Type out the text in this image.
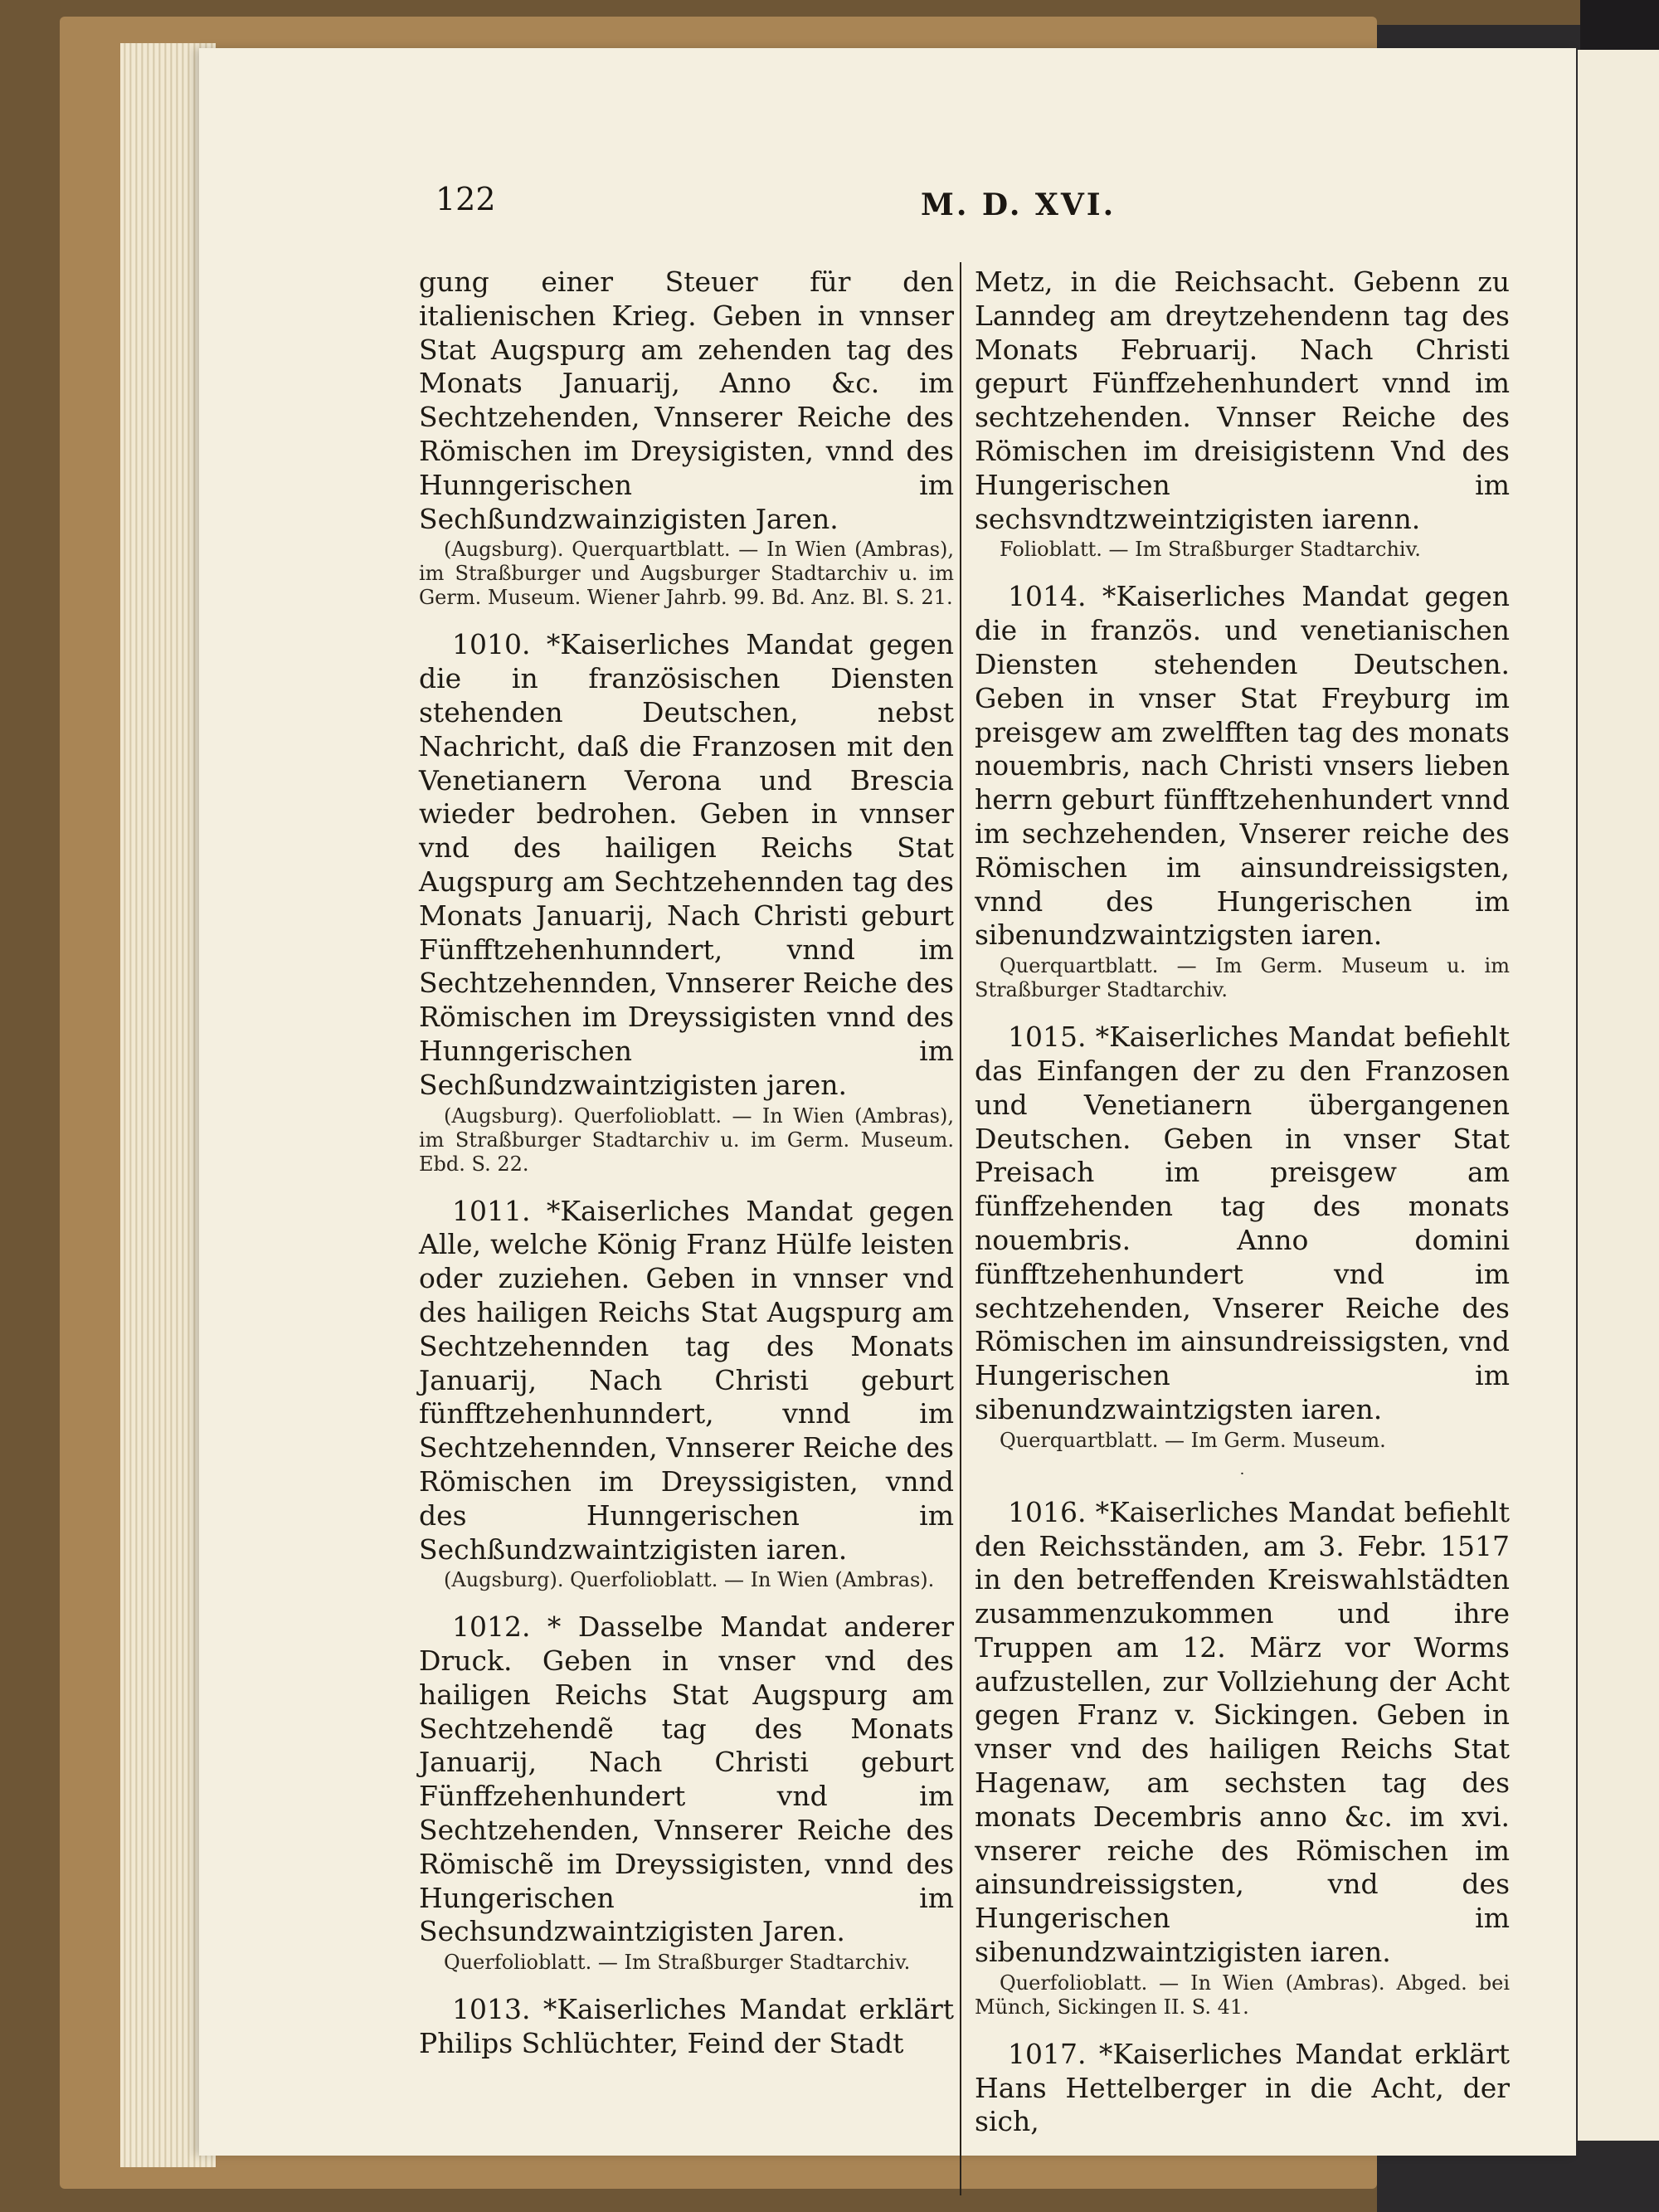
122	M. D. XVI.

gung einer Steuer für den italienischen Krieg. Geben in vnnser Stat Augspurg am zehenden tag des Monats Januarij, Anno &c. im Sechtzehenden, Vnnserer Reiche des Römischen im Dreysigisten, vnnd des Hunngerischen im Sechßundzwainzigisten Jaren.

(Augsburg). Querquartblatt. — In Wien (Ambras), im Straßburger und Augsburger Stadtarchiv u. im Germ. Museum. Wiener Jahrb. 99. Bd. Anz. Bl. S. 21.

1010. *Kaiserliches Mandat gegen die in französischen Diensten stehenden Deutschen, nebst Nachricht, daß die Franzosen mit den Venetianern Verona und Brescia wieder bedrohen. Geben in vnnser vnd des hailigen Reichs Stat Augspurg am Sechtzehennden tag des Monats Januarij, Nach Christi geburt Fünfftzehenhunndert, vnnd im Sechtzehennden, Vnnserer Reiche des Römischen im Dreyssigisten vnnd des Hunngerischen im Sechßundzwaintzigisten jaren.

(Augsburg). Querfolioblatt. — In Wien (Ambras), im Straßburger Stadtarchiv u. im Germ. Museum. Ebd. S. 22.

1011. *Kaiserliches Mandat gegen Alle, welche König Franz Hülfe leisten oder zuziehen. Geben in vnnser vnd des hailigen Reichs Stat Augspurg am Sechtzehennden tag des Monats Januarij, Nach Christi geburt fünfftzehenhunndert, vnnd im Sechtzehennden, Vnnserer Reiche des Römischen im Dreyssigisten, vnnd des Hunngerischen im Sechßundzwaintzigisten iaren.

(Augsburg). Querfolioblatt. — In Wien (Ambras).

1012. * Dasselbe Mandat anderer Druck. Geben in vnser vnd des hailigen Reichs Stat Augspurg am Sechtzehendẽ tag des Monats Januarij, Nach Christi geburt Fünffzehenhundert vnd im Sechtzehenden, Vnnserer Reiche des Römischẽ im Dreyssigisten, vnnd des Hungerischen im Sechsundzwaintzigisten Jaren.

Querfolioblatt. — Im Straßburger Stadtarchiv.

1013. *Kaiserliches Mandat erklärt Philips Schlüchter, Feind der Stadt

Metz, in die Reichsacht. Gebenn zu Lanndeg am dreytzehendenn tag des Monats Februarij. Nach Christi gepurt Fünffzehenhundert vnnd im sechtzehenden. Vnnser Reiche des Römischen im dreisigistenn Vnd des Hungerischen im sechsvndtzweintzigisten iarenn.

Folioblatt. — Im Straßburger Stadtarchiv.

1014. *Kaiserliches Mandat gegen die in französ. und venetianischen Diensten stehenden Deutschen. Geben in vnser Stat Freyburg im preisgew am zwelfften tag des monats nouembris, nach Christi vnsers lieben herrn geburt fünfftzehenhundert vnnd im sechzehenden, Vnserer reiche des Römischen im ainsundreissigsten, vnnd des Hungerischen im sibenundzwaintzigsten iaren.

Querquartblatt. — Im Germ. Museum u. im Straßburger Stadtarchiv.

1015. *Kaiserliches Mandat befiehlt das Einfangen der zu den Franzosen und Venetianern übergangenen Deutschen. Geben in vnser Stat Preisach im preisgew am fünffzehenden tag des monats nouembris. Anno domini fünfftzehenhundert vnd im sechtzehenden, Vnserer Reiche des Römischen im ainsundreissigsten, vnd Hungerischen im sibenundzwaintzigsten iaren.

Querquartblatt. — Im Germ. Museum.

·

1016. *Kaiserliches Mandat befiehlt den Reichsständen, am 3. Febr. 1517 in den betreffenden Kreiswahlstädten zusammenzukommen und ihre Truppen am 12. März vor Worms aufzustellen, zur Vollziehung der Acht gegen Franz v. Sickingen. Geben in vnser vnd des hailigen Reichs Stat Hagenaw, am sechsten tag des monats Decembris anno &c. im xvi. vnserer reiche des Römischen im ainsundreissigsten, vnd des Hungerischen im sibenundzwaintzigisten iaren.

Querfolioblatt. — In Wien (Ambras). Abged. bei Münch, Sickingen II. S. 41.

1017. *Kaiserliches Mandat erklärt Hans Hettelberger in die Acht, der sich,
